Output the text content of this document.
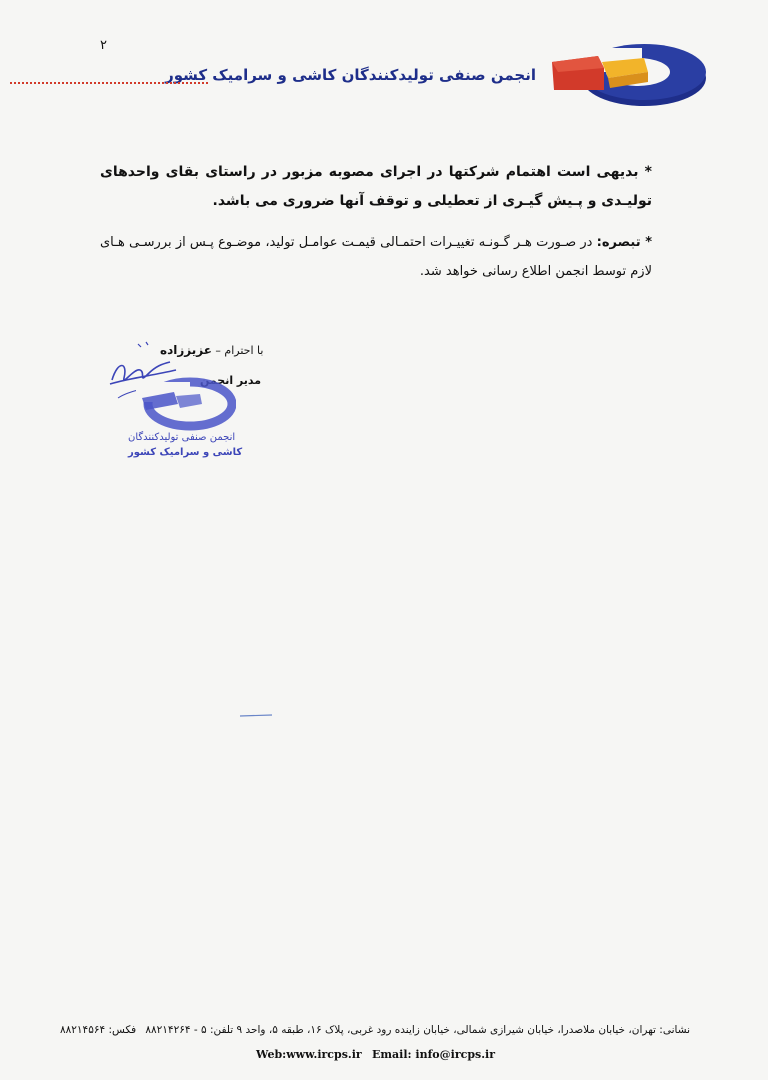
۲
انجمن صنفی تولیدکنندگان کاشی و سرامیک کشور
* بدیهی است اهتمام شرکتها در اجرای مصوبه مزبور در راستای بقای واحدهای تولیـدی و پـیش گیـری از تعطیلی و توقف آنها ضروری می باشد.
* تبصره: در صـورت هـر گـونـه تغییـرات احتمـالی قیمـت عوامـل تولید، موضـوع پـس از بررسـی هـای لازم توسط انجمن اطلاع رسانی خواهد شد.
با احترام – عزیززاده
مدیر انجمن
انجمن صنفی تولیدکنندگان
کاشی و سرامیک کشور
نشانی: تهران، خیابان ملاصدرا، خیابان شیرازی شمالی، خیابان زاینده رود غربی، پلاک ۱۶، طبقه ۵، واحد ۹ تلفن: ۵ - ۸۸۲۱۴۲۶۴
فکس: ۸۸۲۱۴۵۶۴
Web:www.ircps.ir Email: info@ircps.ir
